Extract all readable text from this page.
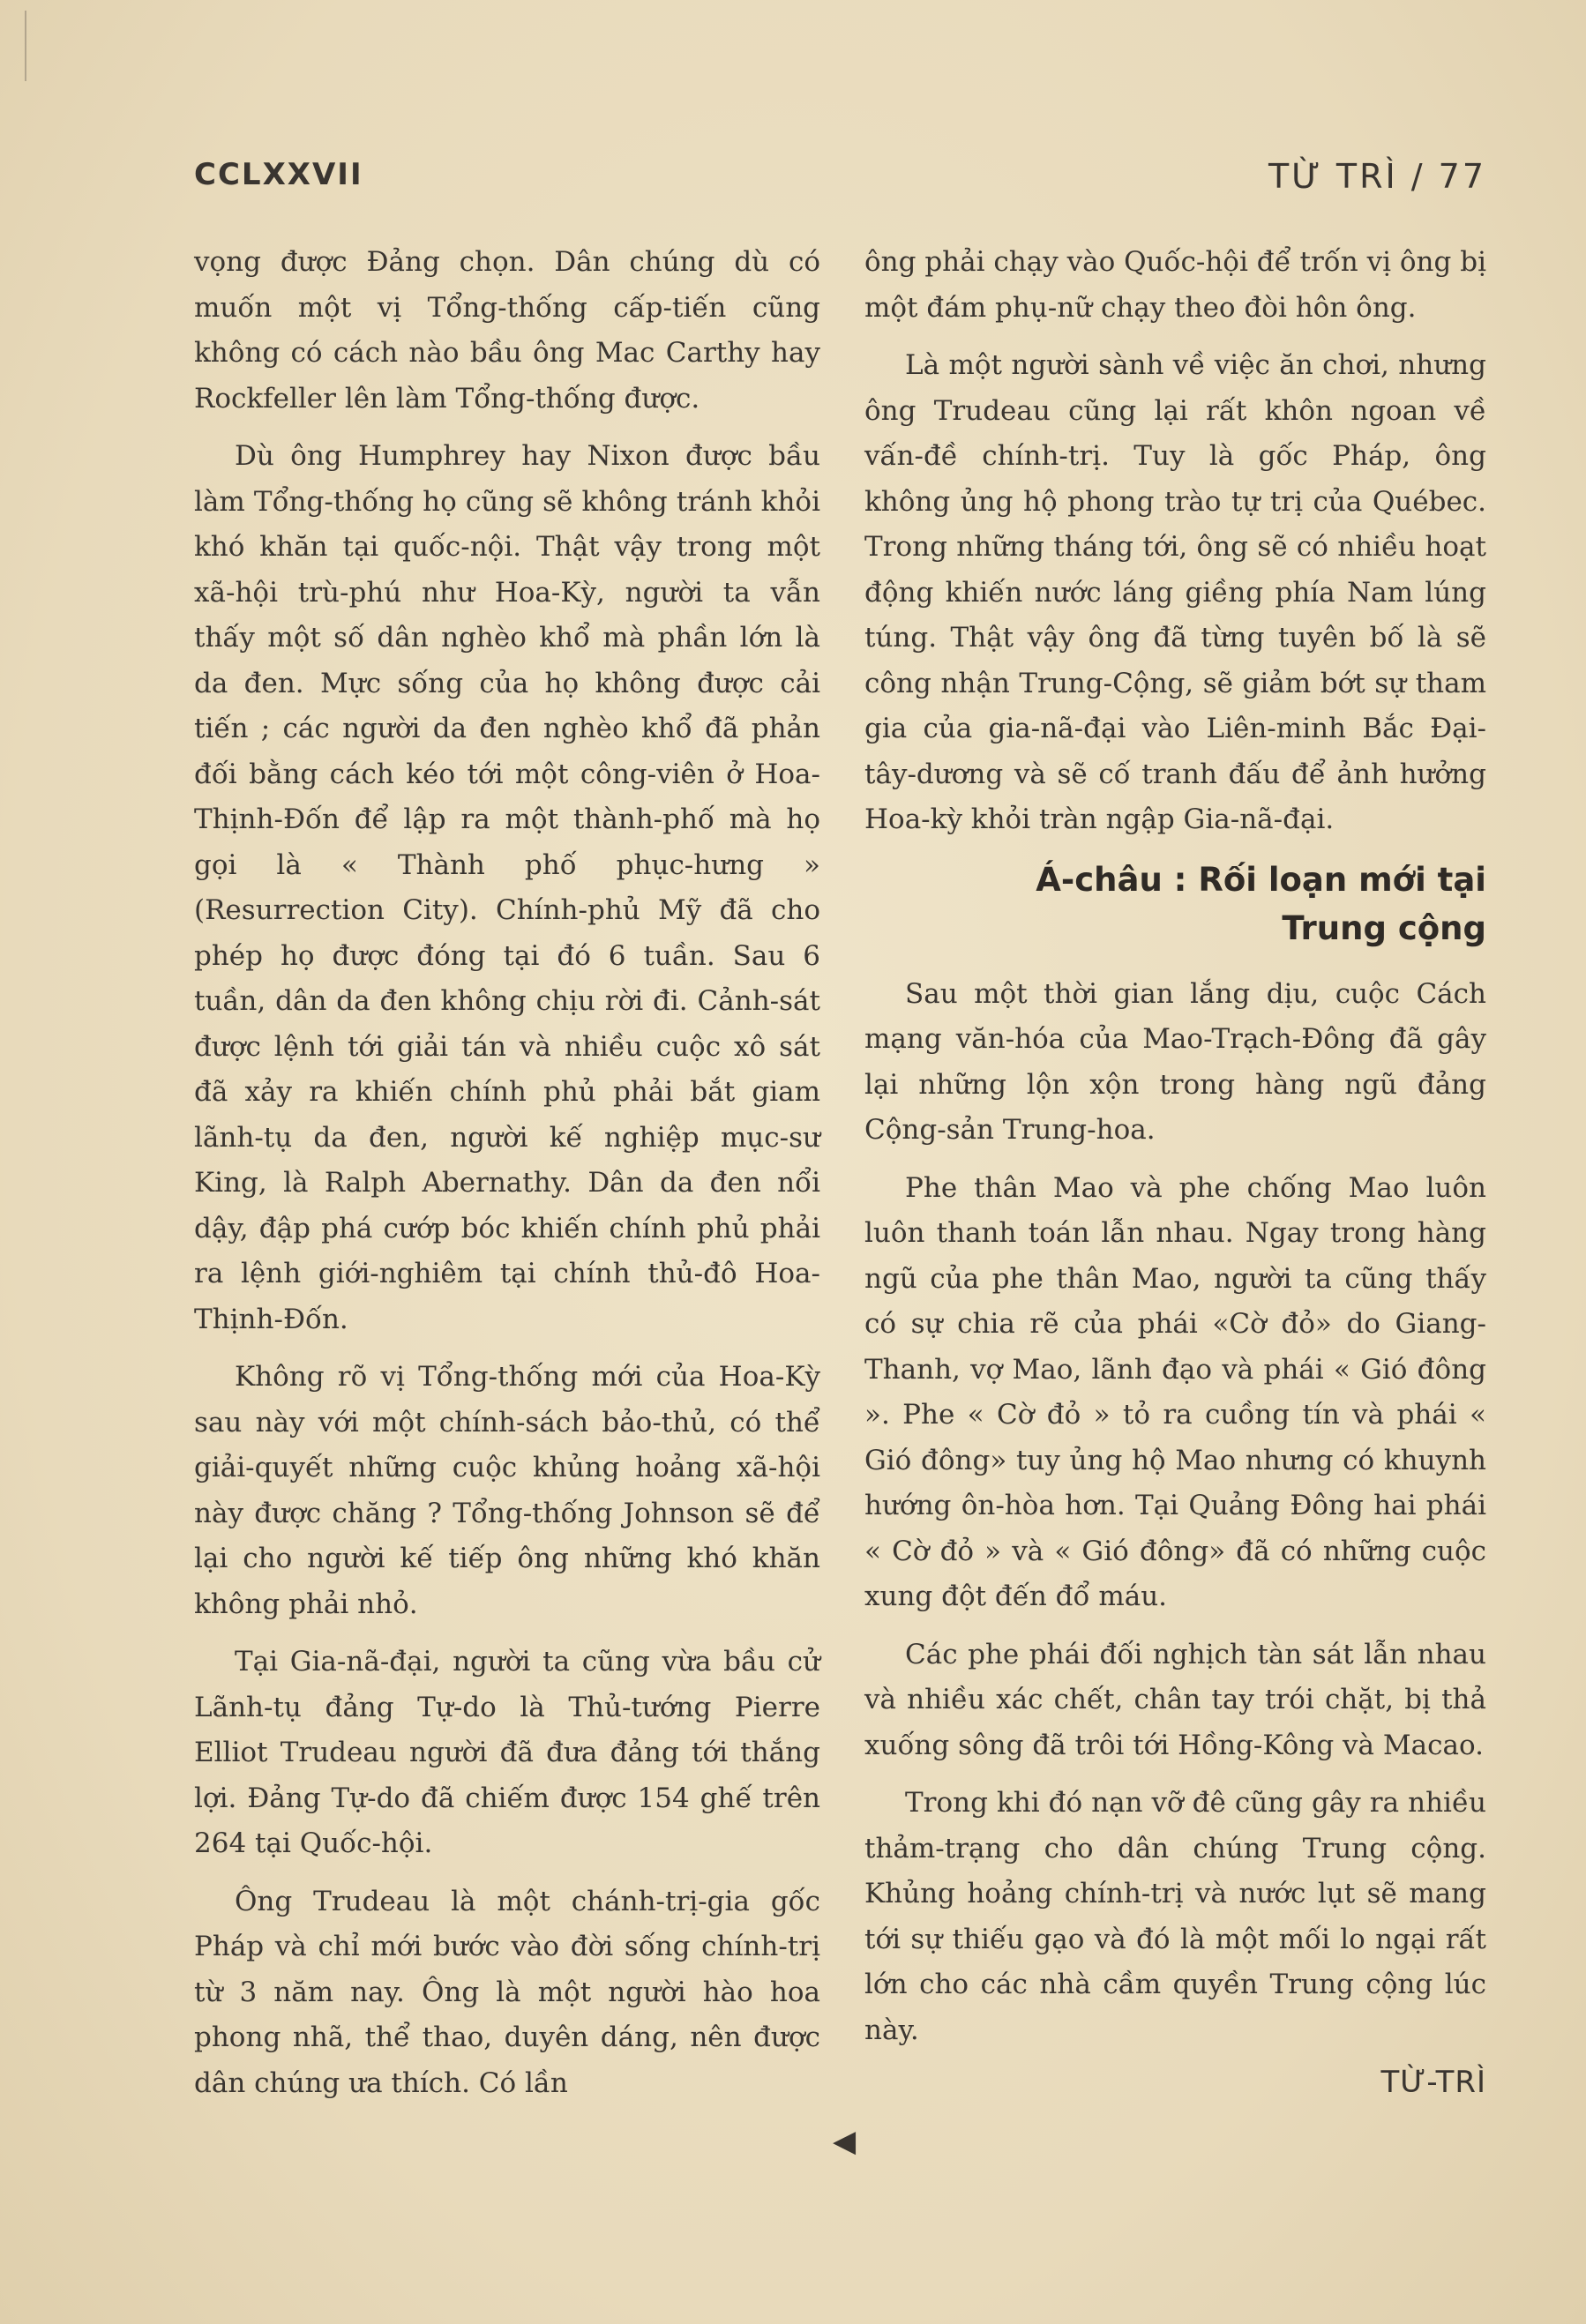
CCLXXVII	TỪ TRÌ / 77

vọng được Đảng chọn. Dân chúng dù có muốn một vị Tổng-thống cấp-tiến cũng không có cách nào bầu ông Mac Carthy hay Rockfeller lên làm Tổng-thống được.

Dù ông Humphrey hay Nixon được bầu làm Tổng-thống họ cũng sẽ không tránh khỏi khó khăn tại quốc-nội. Thật vậy trong một xã-hội trù-phú như Hoa-Kỳ, người ta vẫn thấy một số dân nghèo khổ mà phần lớn là da đen. Mực sống của họ không được cải tiến ; các người da đen nghèo khổ đã phản đối bằng cách kéo tới một công-viên ở Hoa-Thịnh-Đốn để lập ra một thành-phố mà họ gọi là « Thành phố phục-hưng » (Resurrection City). Chính-phủ Mỹ đã cho phép họ được đóng tại đó 6 tuần. Sau 6 tuần, dân da đen không chịu rời đi. Cảnh-sát được lệnh tới giải tán và nhiều cuộc xô sát đã xảy ra khiến chính phủ phải bắt giam lãnh-tụ da đen, người kế nghiệp mục-sư King, là Ralph Abernathy. Dân da đen nổi dậy, đập phá cướp bóc khiến chính phủ phải ra lệnh giới-nghiêm tại chính thủ-đô Hoa-Thịnh-Đốn.

Không rõ vị Tổng-thống mới của Hoa-Kỳ sau này với một chính-sách bảo-thủ, có thể giải-quyết những cuộc khủng hoảng xã-hội này được chăng ? Tổng-thống Johnson sẽ để lại cho người kế tiếp ông những khó khăn không phải nhỏ.

Tại Gia-nã-đại, người ta cũng vừa bầu cử Lãnh-tụ đảng Tự-do là Thủ-tướng Pierre Elliot Trudeau người đã đưa đảng tới thắng lợi. Đảng Tự-do đã chiếm được 154 ghế trên 264 tại Quốc-hội.

Ông Trudeau là một chánh-trị-gia gốc Pháp và chỉ mới bước vào đời sống chính-trị từ 3 năm nay. Ông là một người hào hoa phong nhã, thể thao, duyên dáng, nên được dân chúng ưa thích. Có lần

◀

ông phải chạy vào Quốc-hội để trốn vị ông bị một đám phụ-nữ chạy theo đòi hôn ông.

Là một người sành về việc ăn chơi, nhưng ông Trudeau cũng lại rất khôn ngoan về vấn-đề chính-trị. Tuy là gốc Pháp, ông không ủng hộ phong trào tự trị của Québec. Trong những tháng tới, ông sẽ có nhiều hoạt động khiến nước láng giềng phía Nam lúng túng. Thật vậy ông đã từng tuyên bố là sẽ công nhận Trung-Cộng, sẽ giảm bớt sự tham gia của gia-nã-đại vào Liên-minh Bắc Đại-tây-dương và sẽ cố tranh đấu để ảnh hưởng Hoa-kỳ khỏi tràn ngập Gia-nã-đại.

Á-châu : Rối loạn mới tại
Trung cộng

Sau một thời gian lắng dịu, cuộc Cách mạng văn-hóa của Mao-Trạch-Đông đã gây lại những lộn xộn trong hàng ngũ đảng Cộng-sản Trung-hoa.

Phe thân Mao và phe chống Mao luôn luôn thanh toán lẫn nhau. Ngay trong hàng ngũ của phe thân Mao, người ta cũng thấy có sự chia rẽ của phái «Cờ đỏ» do Giang-Thanh, vợ Mao, lãnh đạo và phái « Gió đông ». Phe « Cờ đỏ » tỏ ra cuồng tín và phái « Gió đông» tuy ủng hộ Mao nhưng có khuynh hướng ôn-hòa hơn. Tại Quảng Đông hai phái « Cờ đỏ » và « Gió đông» đã có những cuộc xung đột đến đổ máu.

Các phe phái đối nghịch tàn sát lẫn nhau và nhiều xác chết, chân tay trói chặt, bị thả xuống sông đã trôi tới Hồng-Kông và Macao.

Trong khi đó nạn vỡ đê cũng gây ra nhiều thảm-trạng cho dân chúng Trung cộng. Khủng hoảng chính-trị và nước lụt sẽ mang tới sự thiếu gạo và đó là một mối lo ngại rất lớn cho các nhà cầm quyền Trung cộng lúc này.

TỪ-TRÌ
